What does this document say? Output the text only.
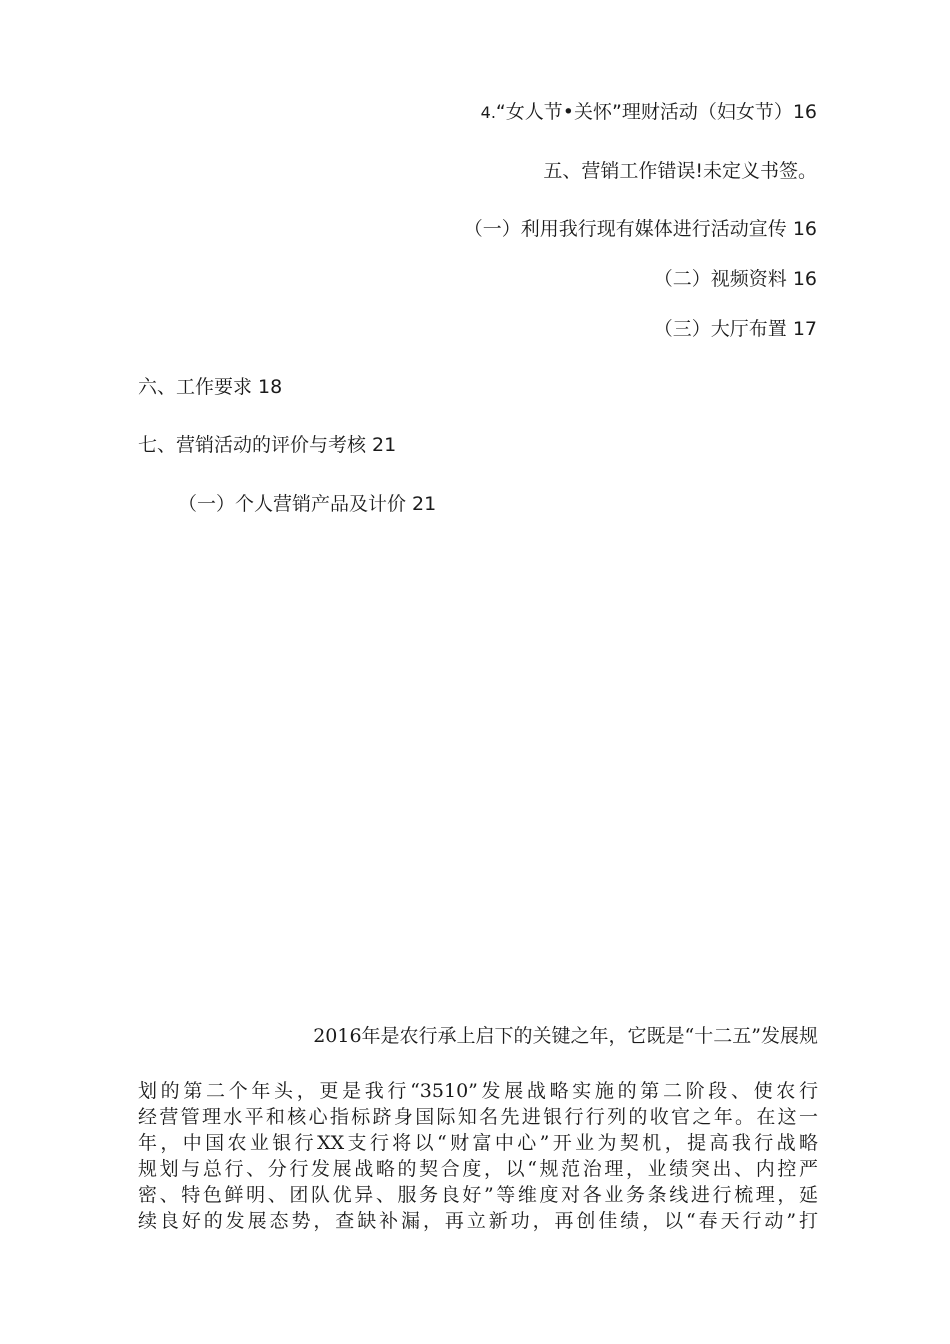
4.“女人节•关怀”理财活动（妇女节）16
五、营销工作错误!未定义书签。
（一）利用我行现有媒体进行活动宣传 16
（二）视频资料 16
（三）大厅布置 17
六、工作要求 18
七、营销活动的评价与考核 21
（一）个人营销产品及计价 21
2016年是农行承上启下的关键之年，它既是“十二五”发展规
划的第二个年头，更是我行“3510”发展战略实施的第二阶段、使农行
经营管理水平和核心指标跻身国际知名先进银行行列的收官之年。在这一
年，中国农业银行XX支行将以“财富中心”开业为契机，提高我行战略
规划与总行、分行发展战略的契合度，以“规范治理，业绩突出、内控严
密、特色鲜明、团队优异、服务良好”等维度对各业务条线进行梳理，延
续良好的发展态势，查缺补漏，再立新功，再创佳绩，以“春天行动”打
